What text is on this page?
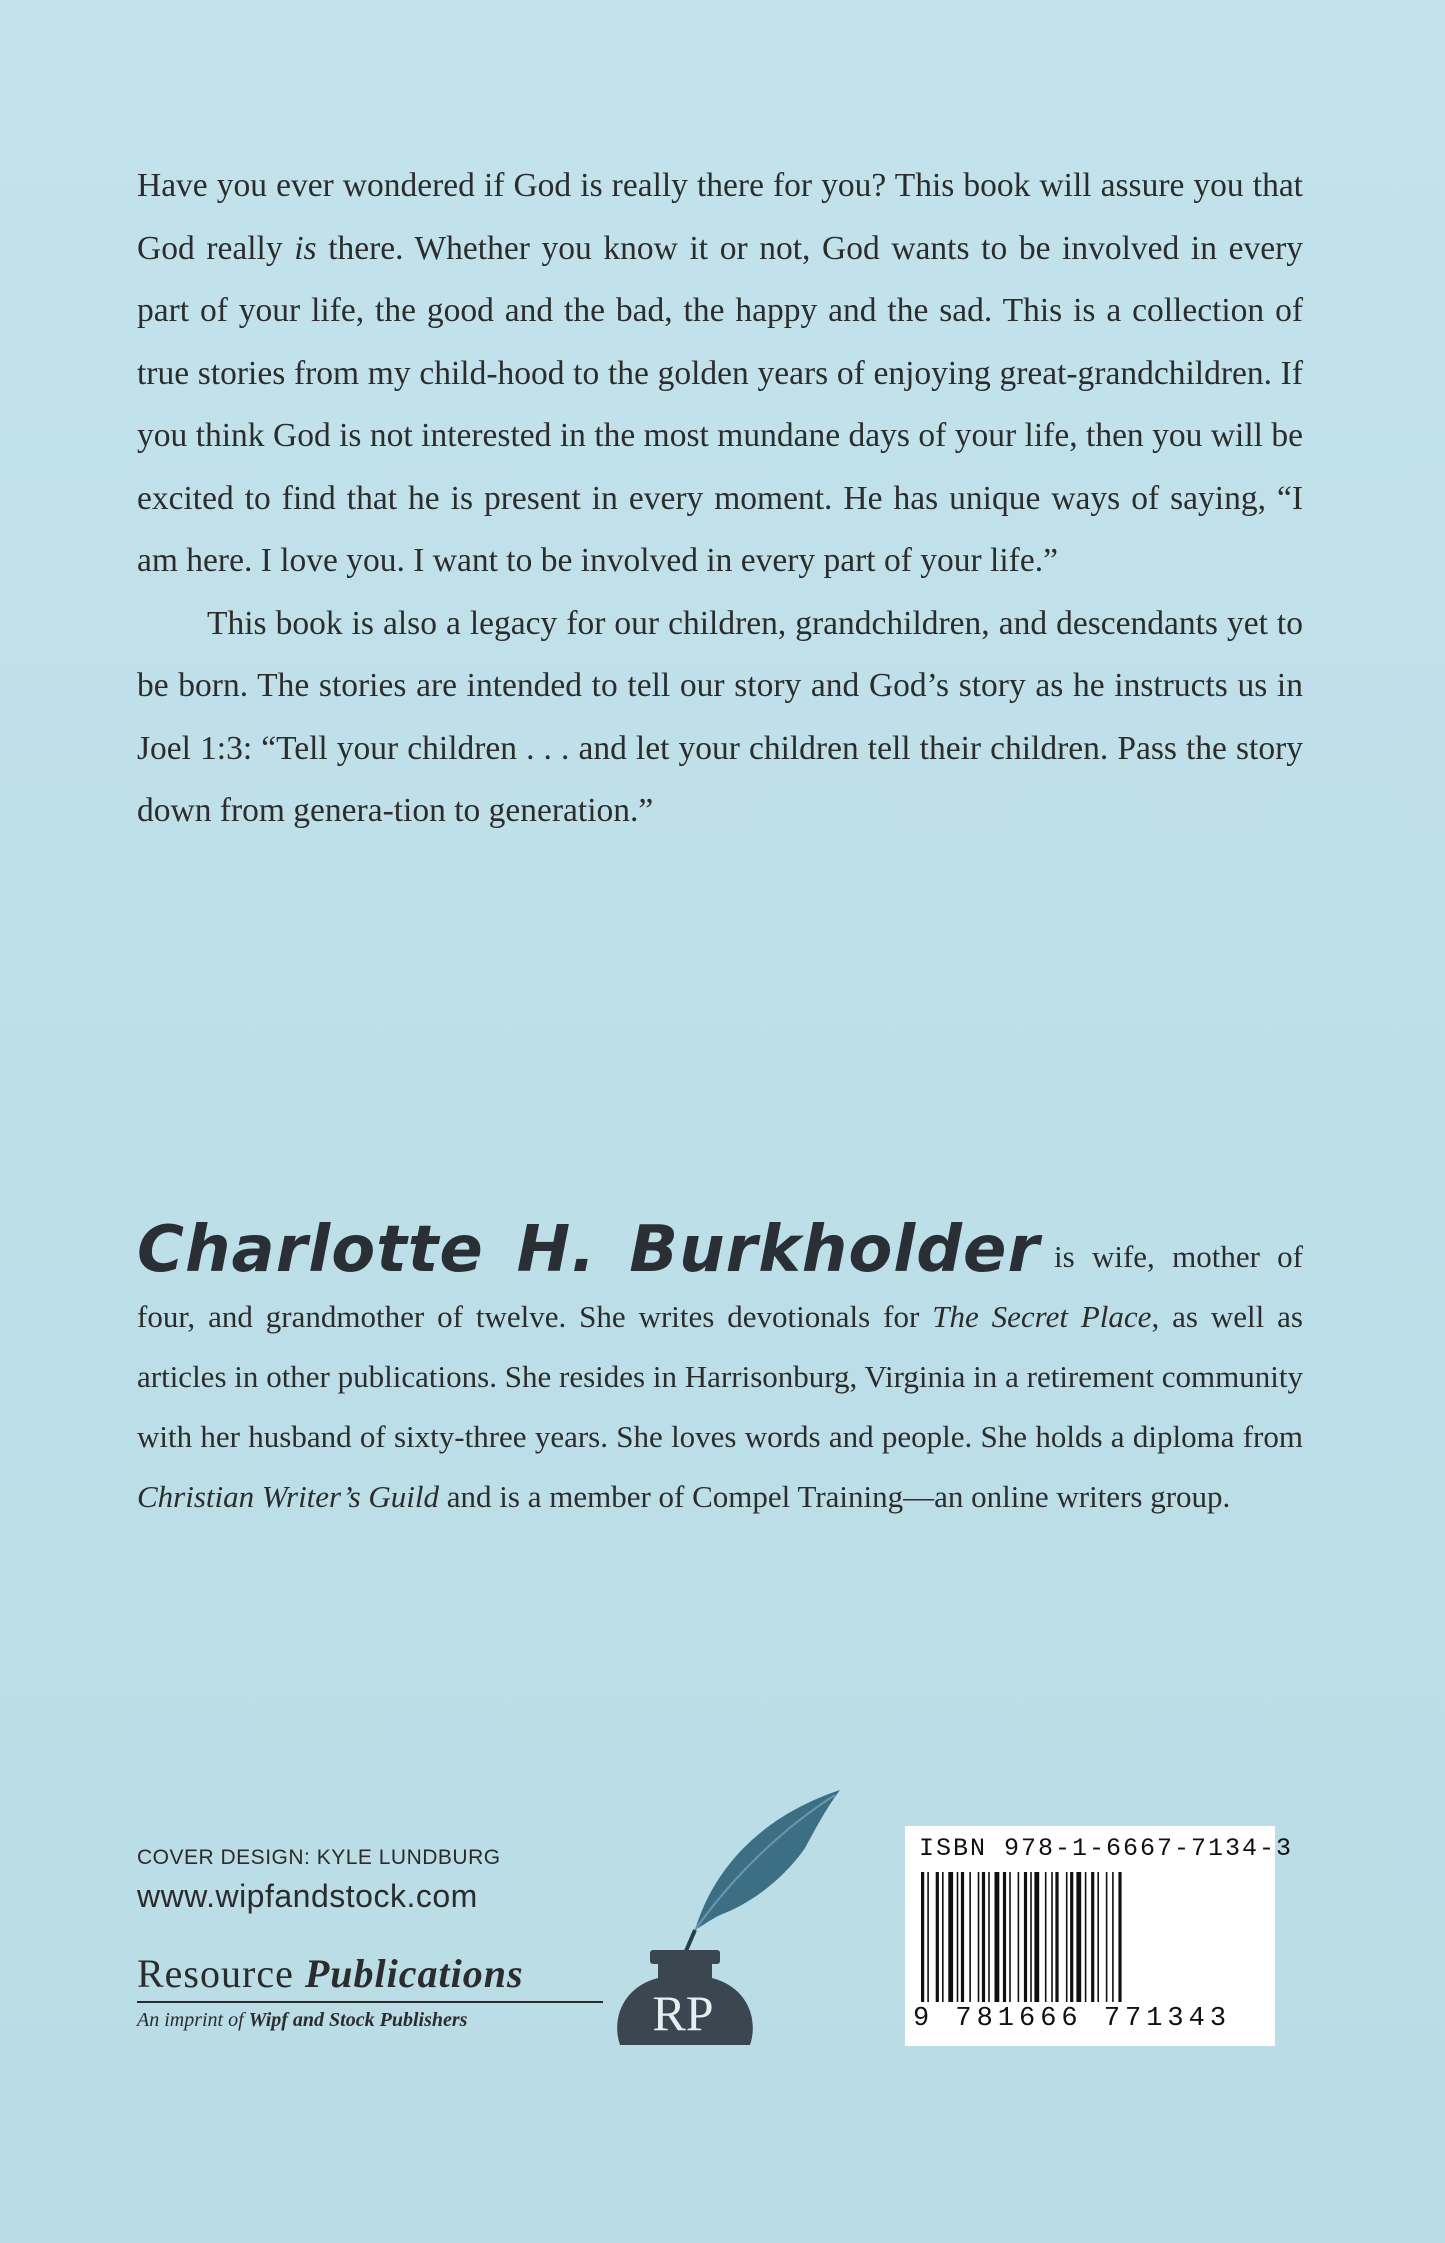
Have you ever wondered if God is really there for you? This book will assure you that God really is there. Whether you know it or not, God wants to be involved in every part of your life, the good and the bad, the happy and the sad. This is a collection of true stories from my child-hood to the golden years of enjoying great-grandchildren. If you think God is not interested in the most mundane days of your life, then you will be excited to find that he is present in every moment. He has unique ways of saying, “I am here. I love you. I want to be involved in every part of your life.”

This book is also a legacy for our children, grandchildren, and descendants yet to be born. The stories are intended to tell our story and God’s story as he instructs us in Joel 1:3: “Tell your children . . . and let your children tell their children. Pass the story down from genera-tion to generation.”

Charlotte H. Burkholder is wife, mother of four, and grandmother of twelve. She writes devotionals for The Secret Place, as well as articles in other publications. She resides in Harrisonburg, Virginia in a retirement community with her husband of sixty-three years. She loves words and people. She holds a diploma from Christian Writer’s Guild and is a member of Compel Training—an online writers group.
COVER DESIGN: KYLE LUNDBURG
www.wipfandstock.com
Resource Publications
An imprint of Wipf and Stock Publishers	RP
ISBN 978-1-6667-7134-3
9 781666 771343
